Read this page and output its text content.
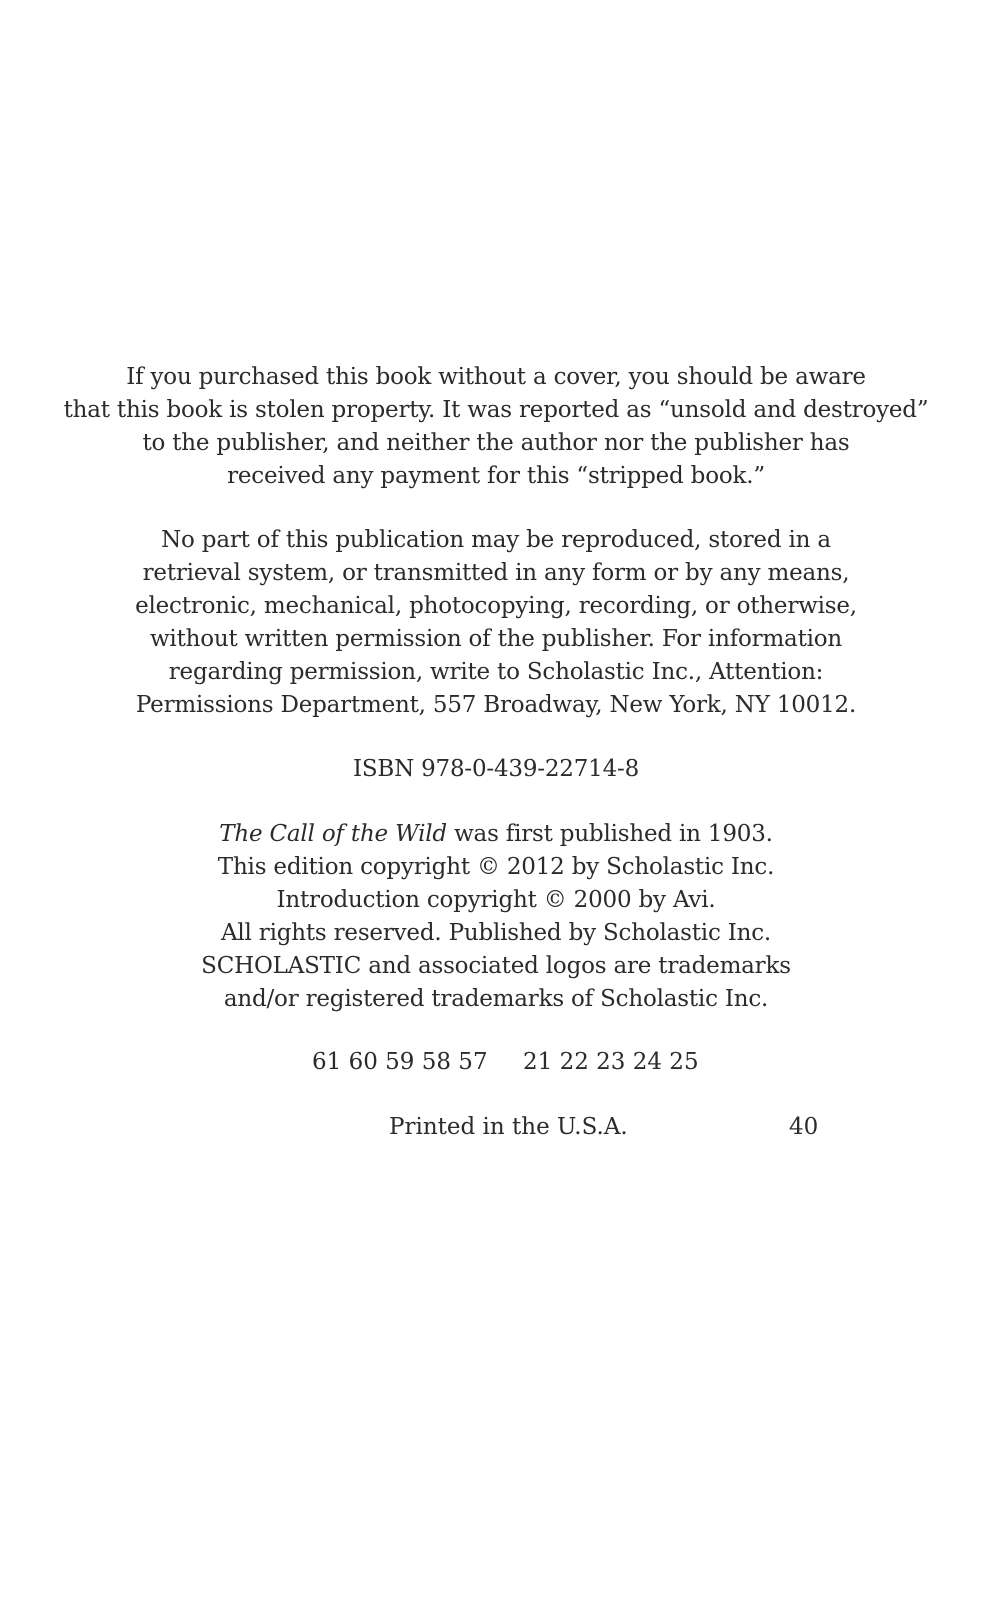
If you purchased this book without a cover, you should be aware
that this book is stolen property. It was reported as “unsold and destroyed”
to the publisher, and neither the author nor the publisher has
received any payment for this “stripped book.”
No part of this publication may be reproduced, stored in a
retrieval system, or transmitted in any form or by any means,
electronic, mechanical, photocopying, recording, or otherwise,
without written permission of the publisher. For information
regarding permission, write to Scholastic Inc., Attention:
Permissions Department, 557 Broadway, New York, NY 10012.
ISBN 978-0-439-22714-8
The Call of the Wild was first published in 1903.
This edition copyright © 2012 by Scholastic Inc.
Introduction copyright © 2000 by Avi.
All rights reserved. Published by Scholastic Inc.
SCHOLASTIC and associated logos are trademarks
and/or registered trademarks of Scholastic Inc.
61 60 59 58 57 21 22 23 24 25
Printed in the U.S.A.	40
